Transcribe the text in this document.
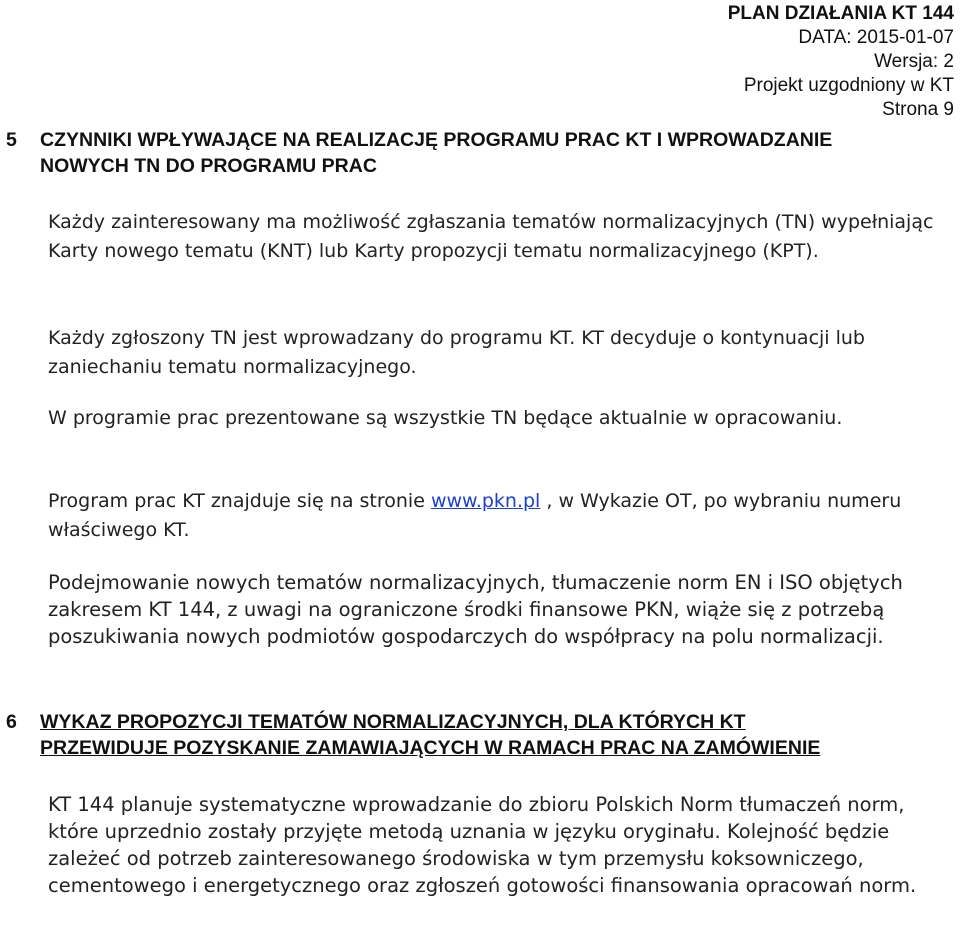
PLAN DZIAŁANIA KT 144
DATA: 2015-01-07
Wersja: 2
Projekt uzgodniony w KT
Strona 9
5 CZYNNIKI WPŁYWAJĄCE NA REALIZACJĘ PROGRAMU PRAC KT I WPROWADZANIE
NOWYCH TN DO PROGRAMU PRAC

Każdy zainteresowany ma możliwość zgłaszania tematów normalizacyjnych (TN) wypełniając Karty nowego tematu (KNT) lub Karty propozycji tematu normalizacyjnego (KPT).

Każdy zgłoszony TN jest wprowadzany do programu KT. KT decyduje o kontynuacji lub zaniechaniu tematu normalizacyjnego.

W programie prac prezentowane są wszystkie TN będące aktualnie w opracowaniu.

Program prac KT znajduje się na stronie www.pkn.pl , w Wykazie OT, po wybraniu numeru właściwego KT.

Podejmowanie nowych tematów normalizacyjnych, tłumaczenie norm EN i ISO objętych zakresem KT 144, z uwagi na ograniczone środki finansowe PKN, wiąże się z potrzebą poszukiwania nowych podmiotów gospodarczych do współpracy na polu normalizacji.

6 WYKAZ PROPOZYCJI TEMATÓW NORMALIZACYJNYCH, DLA KTÓRYCH KT
PRZEWIDUJE POZYSKANIE ZAMAWIAJĄCYCH W RAMACH PRAC NA ZAMÓWIENIE

KT 144 planuje systematyczne wprowadzanie do zbioru Polskich Norm tłumaczeń norm, które uprzednio zostały przyjęte metodą uznania w języku oryginału. Kolejność będzie zależeć od potrzeb zainteresowanego środowiska w tym przemysłu koksowniczego, cementowego i energetycznego oraz zgłoszeń gotowości finansowania opracowań norm.
